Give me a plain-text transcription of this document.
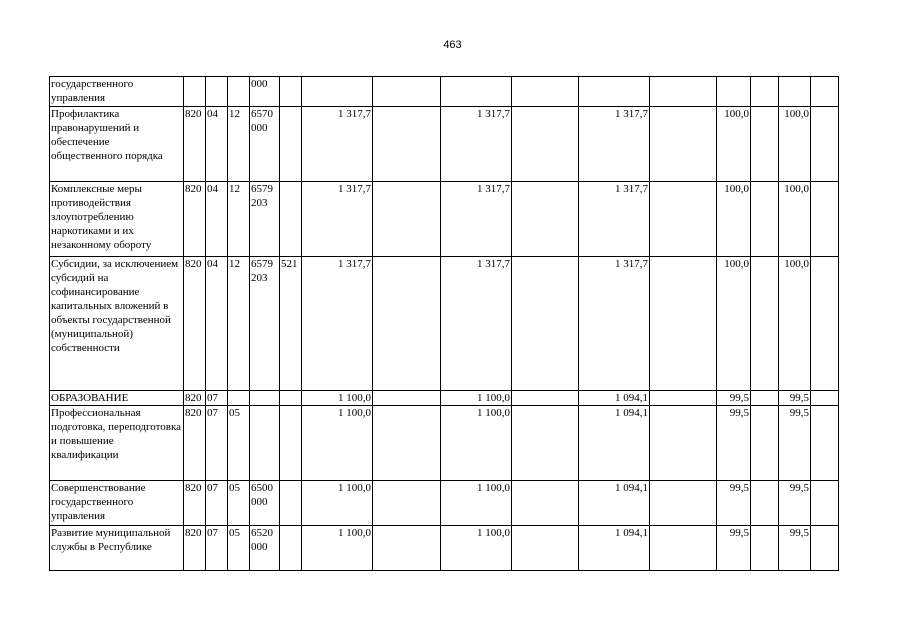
463
государственного управления				000											
Профилактика правонарушений и обеспечение общественного порядка	820	04	12	6570 000		1 317,7		1 317,7		1 317,7		100,0		100,0	
Комплексные меры противодействия злоупотреблению наркотиками и их незаконному обороту	820	04	12	6579 203		1 317,7		1 317,7		1 317,7		100,0		100,0	
Субсидии, за исключением субсидий на софинансирование капитальных вложений в объекты государственной (муниципальной) собственности	820	04	12	6579 203	521	1 317,7		1 317,7		1 317,7		100,0		100,0	
ОБРАЗОВАНИЕ	820	07				1 100,0		1 100,0		1 094,1		99,5		99,5	
Профессиональная подготовка, переподготовка и повышение квалификации	820	07	05			1 100,0		1 100,0		1 094,1		99,5		99,5	
Совершенствование государственного управления	820	07	05	6500 000		1 100,0		1 100,0		1 094,1		99,5		99,5	
Развитие муниципальной службы в Республике	820	07	05	6520 000		1 100,0		1 100,0		1 094,1		99,5		99,5	
